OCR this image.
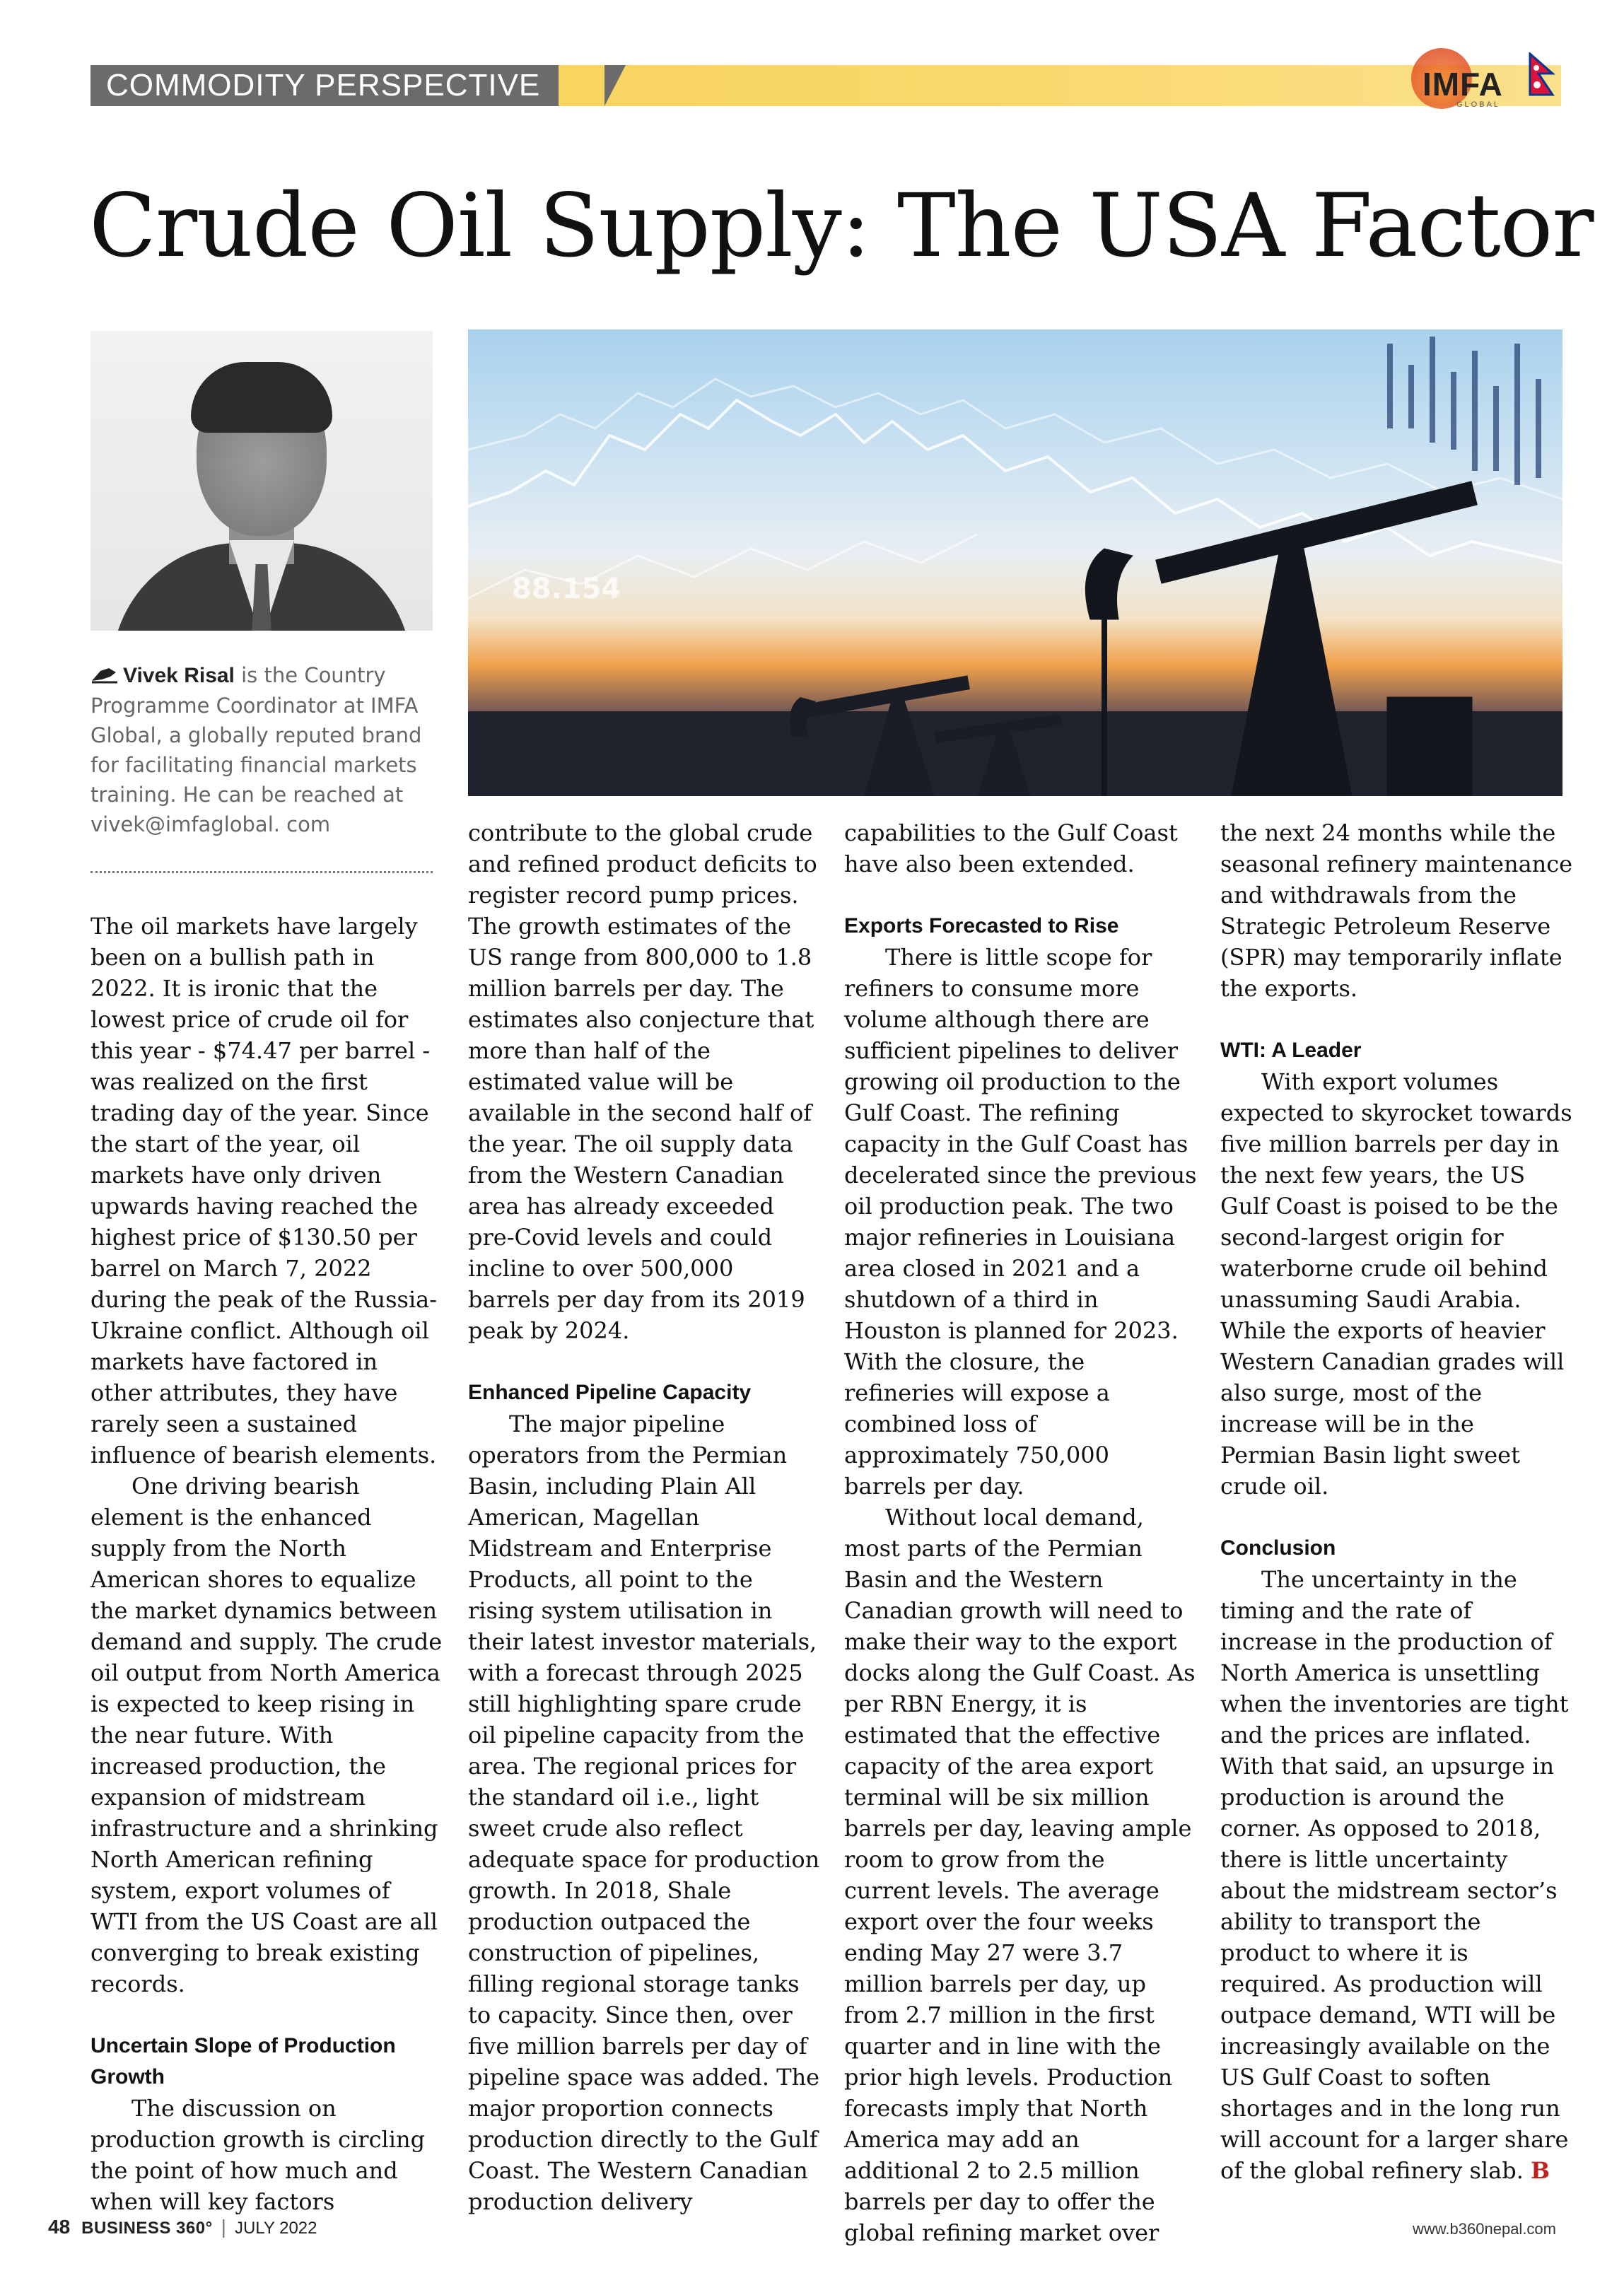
COMMODITY PERSPECTIVE	IMFA
GLOBAL
Crude Oil Supply: The USA Factor
Vivek Risal is the Country Programme Coordinator at IMFA Global, a globally reputed brand for facilitating financial markets training. He can be reached at vivek@imfaglobal. com
88.154

The oil markets have largely been on a bullish path in 2022. It is ironic that the lowest price of crude oil for this year - $74.47 per barrel - was realized on the first trading day of the year. Since the start of the year, oil markets have only driven upwards having reached the highest price of $130.50 per barrel on March 7, 2022 during the peak of the Russia-Ukraine conflict. Although oil markets have factored in other attributes, they have rarely seen a sustained influence of bearish elements.

One driving bearish element is the enhanced supply from the North American shores to equalize the market dynamics between demand and supply. The crude oil output from North America is expected to keep rising in the near future. With increased production, the expansion of midstream infrastructure and a shrinking North American refining system, export volumes of WTI from the US Coast are all converging to break existing records.

Uncertain Slope of Production Growth

The discussion on production growth is circling the point of how much and when will key factors

contribute to the global crude and refined product deficits to register record pump prices. The growth estimates of the US range from 800,000 to 1.8 million barrels per day. The estimates also conjecture that more than half of the estimated value will be available in the second half of the year. The oil supply data from the Western Canadian area has already exceeded pre-Covid levels and could incline to over 500,000 barrels per day from its 2019 peak by 2024.

Enhanced Pipeline Capacity

The major pipeline operators from the Permian Basin, including Plain All American, Magellan Midstream and Enterprise Products, all point to the rising system utilisation in their latest investor materials, with a forecast through 2025 still highlighting spare crude oil pipeline capacity from the area. The regional prices for the standard oil i.e., light sweet crude also reflect adequate space for production growth. In 2018, Shale production outpaced the construction of pipelines, filling regional storage tanks to capacity. Since then, over five million barrels per day of pipeline space was added. The major proportion connects production directly to the Gulf Coast. The Western Canadian production delivery

capabilities to the Gulf Coast have also been extended.

Exports Forecasted to Rise

There is little scope for refiners to consume more volume although there are sufficient pipelines to deliver growing oil production to the Gulf Coast. The refining capacity in the Gulf Coast has decelerated since the previous oil production peak. The two major refineries in Louisiana area closed in 2021 and a shutdown of a third in Houston is planned for 2023. With the closure, the refineries will expose a combined loss of approximately 750,000 barrels per day.

Without local demand, most parts of the Permian Basin and the Western Canadian growth will need to make their way to the export docks along the Gulf Coast. As per RBN Energy, it is estimated that the effective capacity of the area export terminal will be six million barrels per day, leaving ample room to grow from the current levels. The average export over the four weeks ending May 27 were 3.7 million barrels per day, up from 2.7 million in the first quarter and in line with the prior high levels. Production forecasts imply that North America may add an additional 2 to 2.5 million barrels per day to offer the global refining market over

the next 24 months while the seasonal refinery maintenance and withdrawals from the Strategic Petroleum Reserve (SPR) may temporarily inflate the exports.

WTI: A Leader

With export volumes expected to skyrocket towards five million barrels per day in the next few years, the US Gulf Coast is poised to be the second-largest origin for waterborne crude oil behind unassuming Saudi Arabia. While the exports of heavier Western Canadian grades will also surge, most of the increase will be in the Permian Basin light sweet crude oil.

Conclusion

The uncertainty in the timing and the rate of increase in the production of North America is unsettling when the inventories are tight and the prices are inflated. With that said, an upsurge in production is around the corner. As opposed to 2018, there is little uncertainty about the midstream sector’s ability to transport the product to where it is required. As production will outpace demand, WTI will be increasingly available on the US Gulf Coast to soften shortages and in the long run will account for a larger share of the global refinery slab. B

48 BUSINESS 360° | JULY 2022	www.b360nepal.com
